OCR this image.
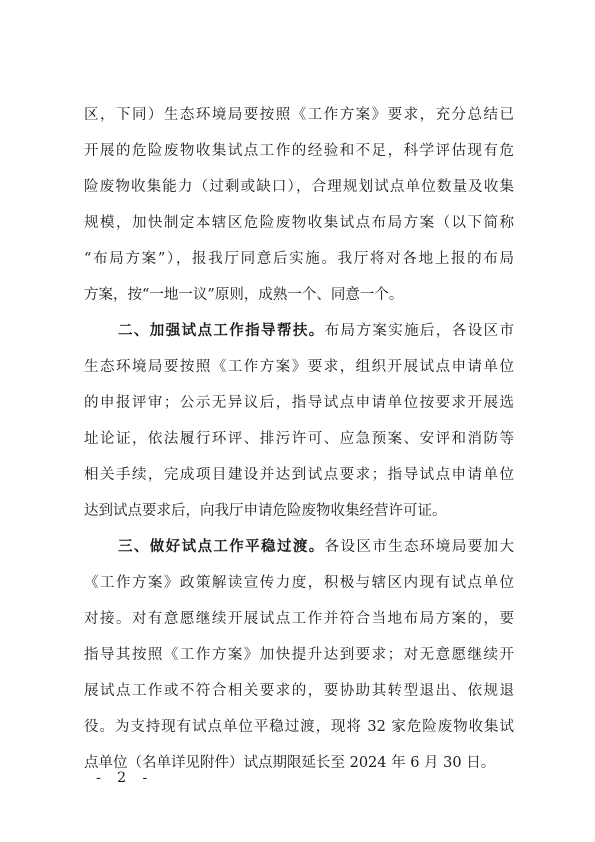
区，下同）生态环境局要按照《工作方案》要求，充分总结已
开展的危险废物收集试点工作的经验和不足，科学评估现有危
险废物收集能力（过剩或缺口），合理规划试点单位数量及收集
规模，加快制定本辖区危险废物收集试点布局方案（以下简称
“布局方案”），报我厅同意后实施。我厅将对各地上报的布局
方案，按“一地一议”原则，成熟一个、同意一个。
二、加强试点工作指导帮扶。布局方案实施后，各设区市
生态环境局要按照《工作方案》要求，组织开展试点申请单位
的申报评审；公示无异议后，指导试点申请单位按要求开展选
址论证，依法履行环评、排污许可、应急预案、安评和消防等
相关手续，完成项目建设并达到试点要求；指导试点申请单位
达到试点要求后，向我厅申请危险废物收集经营许可证。
三、做好试点工作平稳过渡。各设区市生态环境局要加大
《工作方案》政策解读宣传力度，积极与辖区内现有试点单位
对接。对有意愿继续开展试点工作并符合当地布局方案的，要
指导其按照《工作方案》加快提升达到要求；对无意愿继续开
展试点工作或不符合相关要求的，要协助其转型退出、依规退
役。为支持现有试点单位平稳过渡，现将 32 家危险废物收集试
点单位（名单详见附件）试点期限延长至 2024 年 6 月 30 日。
- 2 -
